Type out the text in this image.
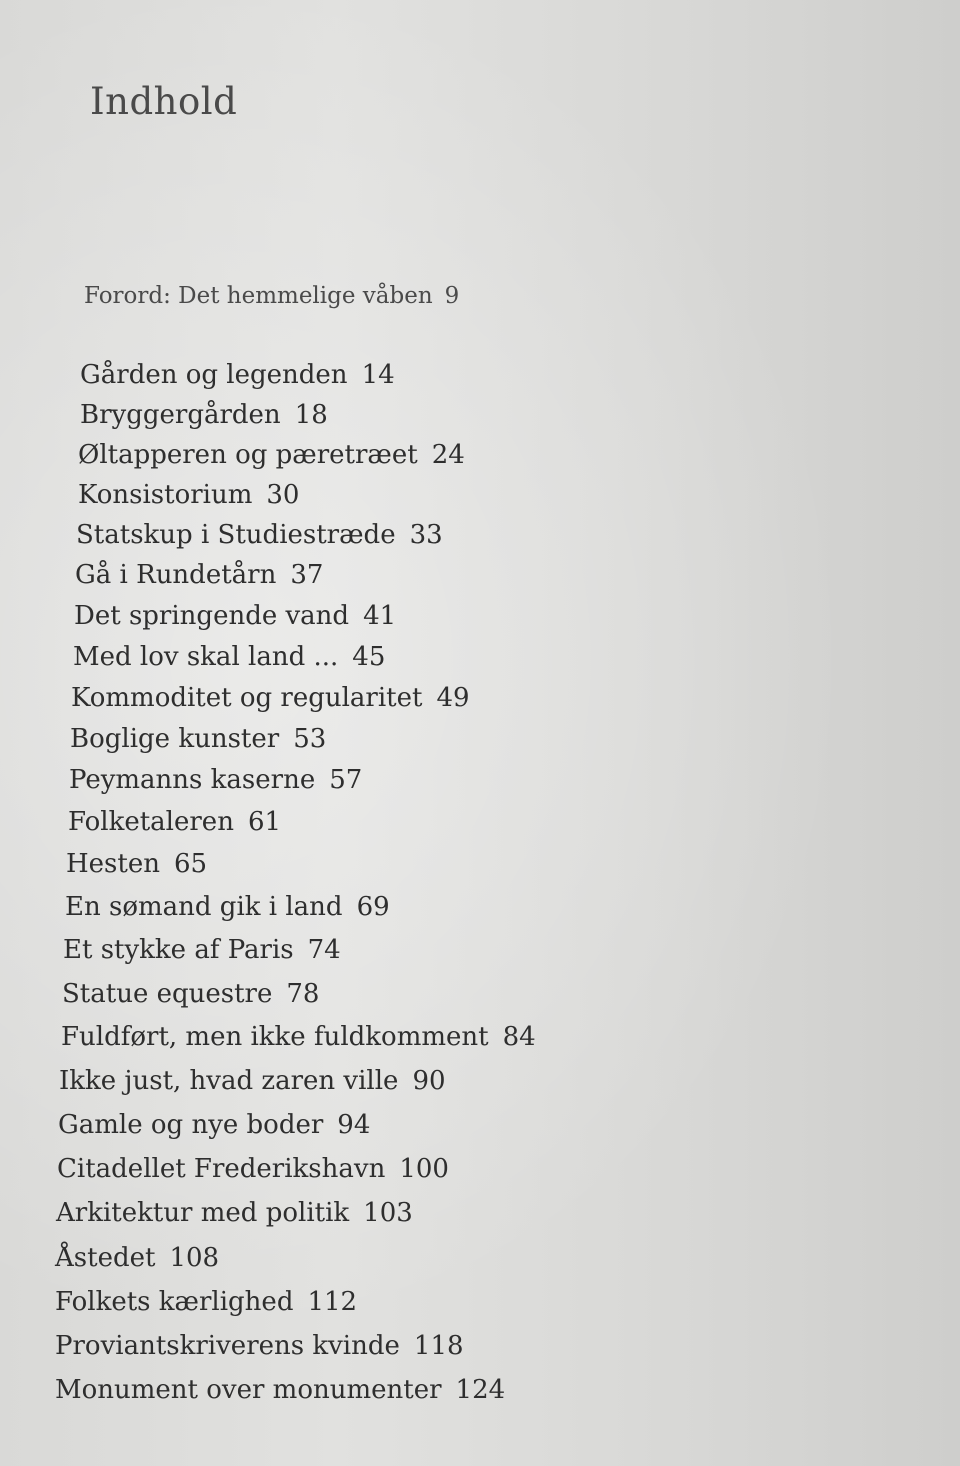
Indhold
Forord: Det hemmelige våben 9
Gården og legenden 14
Bryggergården 18
Øltapperen og pæretræet 24
Konsistorium 30
Statskup i Studiestræde 33
Gå i Rundetårn 37
Det springende vand 41
Med lov skal land ... 45
Kommoditet og regularitet 49
Boglige kunster 53
Peymanns kaserne 57
Folketaleren 61
Hesten 65
En sømand gik i land 69
Et stykke af Paris 74
Statue equestre 78
Fuldført, men ikke fuldkomment 84
Ikke just, hvad zaren ville 90
Gamle og nye boder 94
Citadellet Frederikshavn 100
Arkitektur med politik 103
Åstedet 108
Folkets kærlighed 112
Proviantskriverens kvinde 118
Monument over monumenter 124
